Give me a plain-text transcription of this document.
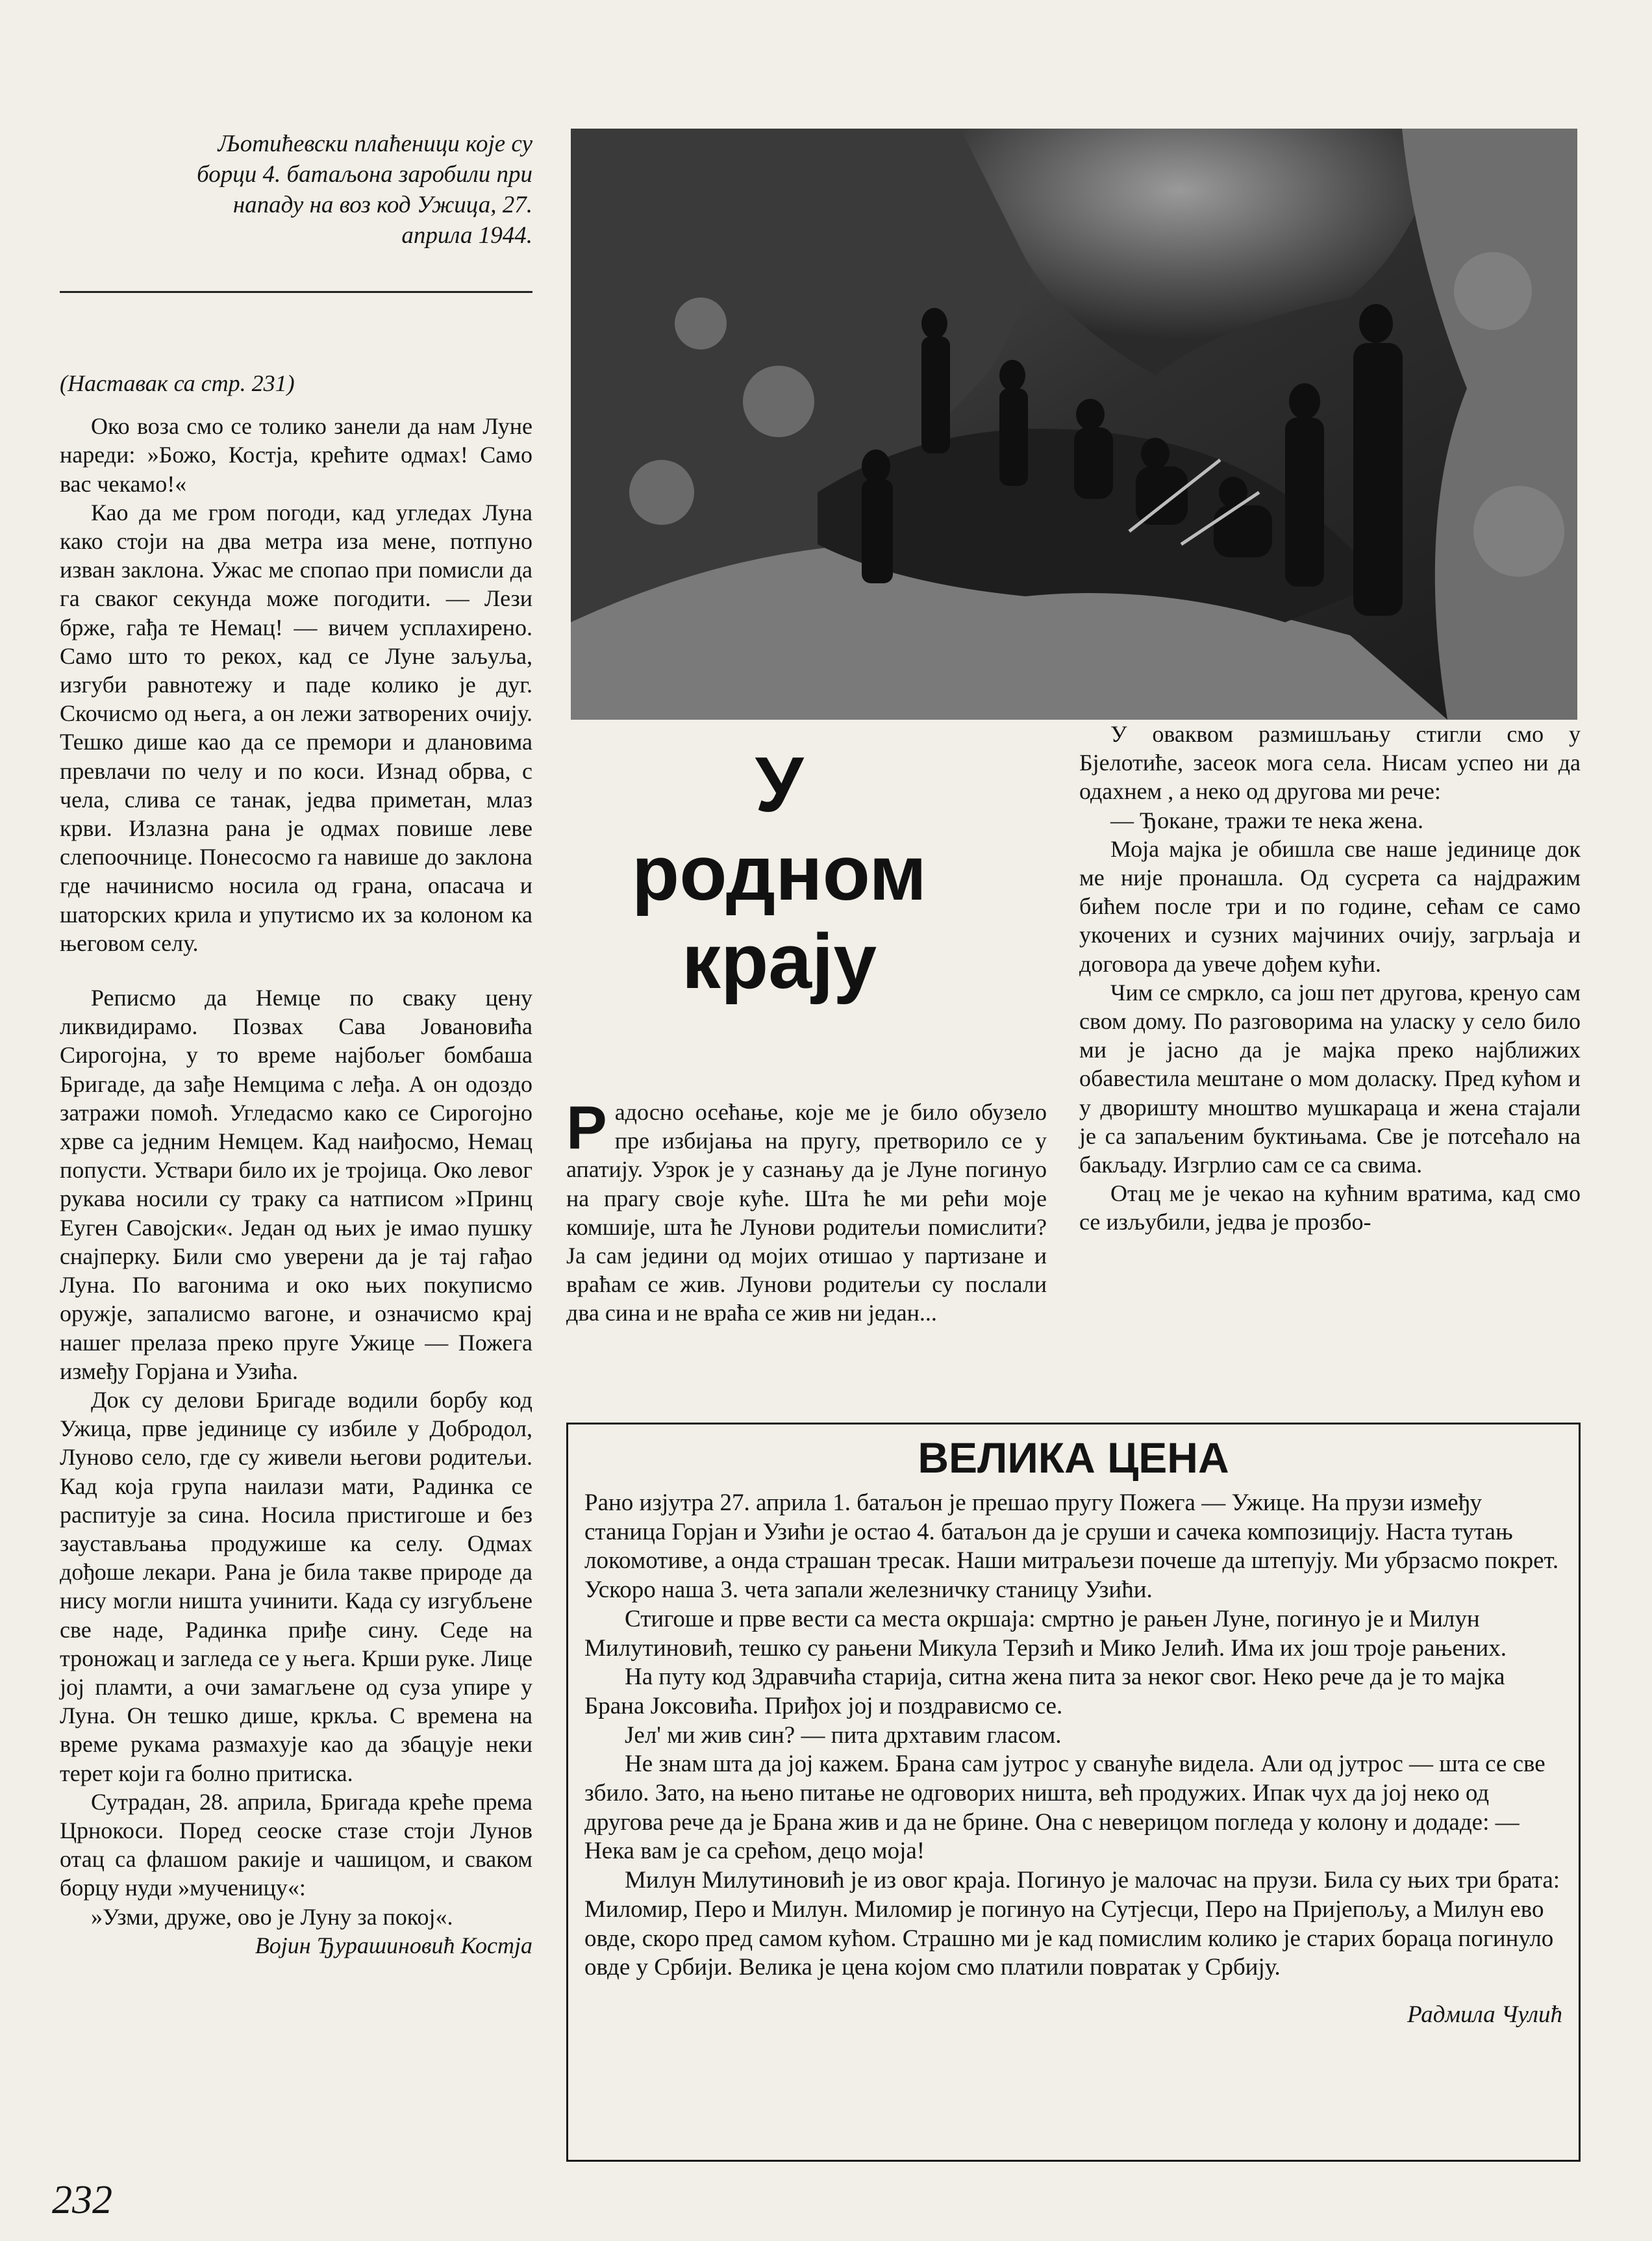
Љотићевски плаћеници које су борци 4. батаљона заробили при нападу на воз код Ужица, 27. априла 1944.
У
родном
крају

(Наставак са стр. 231)

Око воза смо се толико занели да нам Луне нареди: »Божо, Костја, крећите одмах! Само вас чекамо!«

Као да ме гром погоди, кад угледах Луна како стоји на два метра иза мене, потпуно изван заклона. Ужас ме спопао при помисли да га сваког секунда може погодити. — Лези брже, гађа те Немац! — вичем усплахирено. Само што то рекох, кад се Луне заљуља, изгуби равнотежу и паде колико је дуг. Скочисмо од њега, а он лежи затворених очију. Тешко дише као да се премори и длановима превлачи по челу и по коси. Изнад обрва, с чела, слива се танак, једва приметан, млаз крви. Излазна рана је одмах повише леве слепоочнице. Понесосмо га навише до заклона где начинисмо носила од грана, опасача и шаторских крила и упутисмо их за колоном ка његовом селу.

Реписмо да Немце по сваку цену ликвидирамо. Позвах Сава Јовановића Сирогојна, у то време најбољег бомбаша Бригаде, да зађе Немцима с леђа. А он одоздо затражи помоћ. Угледасмо како се Сирогојно хрве са једним Немцем. Кад наиђосмо, Немац попусти. Уствари било их је тројица. Око левог рукава носили су траку са натписом »Принц Еуген Савојски«. Један од њих је имао пушку снајперку. Били смо уверени да је тај гађао Луна. По вагонима и око њих покуписмо оружје, запалисмо вагоне, и означисмо крај нашег прелаза преко пруге Ужице — Пожега између Горјана и Узића.

Док су делови Бригаде водили борбу код Ужица, прве јединице су избиле у Добродол, Луново село, где су живели његови родитељи. Кад која група наилази мати, Радинка се распитује за сина. Носила пристигоше и без заустављања продужише ка селу. Одмах дођоше лекари. Рана је била такве природе да нису могли ништа учинити. Када су изгубљене све наде, Радинка приђе сину. Седе на троножац и загледа се у њега. Крши руке. Лице јој пламти, а очи замагљене од суза упире у Луна. Он тешко дише, кркља. С времена на време рукама размахује као да збацује неки терет који га болно притиска.

Сутрадан, 28. априла, Бригада креће према Црнокоси. Поред сеоске стазе стоји Лунов отац са флашом ракије и чашицом, и сваком борцу нуди »мученицу«:

»Узми, друже, ово је Луну за покој«.

Војин Ђурашиновић Костја

Радосно осећање, које ме је било обузело пре избијања на пругу, претворило се у апатију. Узрок је у сазнању да је Луне погинуо на прагу своје куће. Шта ће ми рећи моје комшије, шта ће Лунови родитељи помислити? Ја сам једини од мојих отишао у партизане и враћам се жив. Лунови родитељи су послали два сина и не враћа се жив ни један...

У оваквом размишљању стигли смо у Бјелотиће, засеок мога села. Нисам успео ни да одахнем , а неко од другова ми рече:

— Ђокане, тражи те нека жена.

Моја мајка је обишла све наше јединице док ме није пронашла. Од сусрета са најдражим бићем после три и по године, сећам се само укочених и сузних мајчиних очију, загрљаја и договора да увече дођем кући.

Чим се смркло, са још пет другова, кренуо сам свом дому. По разговорима на уласку у село било ми је јасно да је мајка преко најближих обавестила мештане о мом доласку. Пред кућом и у дворишту мноштво мушкараца и жена стајали је са запаљеним буктињама. Све је потсећало на бакљаду. Изгрлио сам се са свима.

Отац ме је чекао на кућним вратима, кад смо се изљубили, једва је прозбо-

ВЕЛИКА ЦЕНА

Рано изјутра 27. априла 1. батаљон је прешао пругу Пожега — Ужице. На прузи између станица Горјан и Узићи је остао 4. батаљон да је сруши и сачека композицију. Наста тутањ локомотиве, а онда страшан тресак. Наши митраљези почеше да штепују. Ми убрзасмо покрет. Ускоро наша 3. чета запали железничку станицу Узићи.

Стигоше и прве вести са места окршаја: смртно је рањен Луне, погинуо је и Милун Милутиновић, тешко су рањени Микула Терзић и Мико Јелић. Има их још троје рањених.

На путу код Здравчића старија, ситна жена пита за неког свог. Неко рече да је то мајка Брана Јоксовића. Приђох јој и поздрависмо се.

Јел' ми жив син? — пита дрхтавим гласом.

Не знам шта да јој кажем. Брана сам јутрос у свануће видела. Али од јутрос — шта се све збило. Зато, на њено питање не одговорих ништа, већ продужих. Ипак чух да јој неко од другова рече да је Брана жив и да не брине. Она с неверицом погледа у колону и додаде: — Нека вам је са срећом, децо моја!

Милун Милутиновић је из овог краја. Погинуо је малочас на прузи. Била су њих три брата: Миломир, Перо и Милун. Миломир је погинуо на Сутјесци, Перо на Пријепољу, а Милун ево овде, скоро пред самом кућом. Страшно ми је кад помислим колико је старих бораца погинуло овде у Србији. Велика је цена којом смо платили повратак у Србију.

Радмила Чулић

232
